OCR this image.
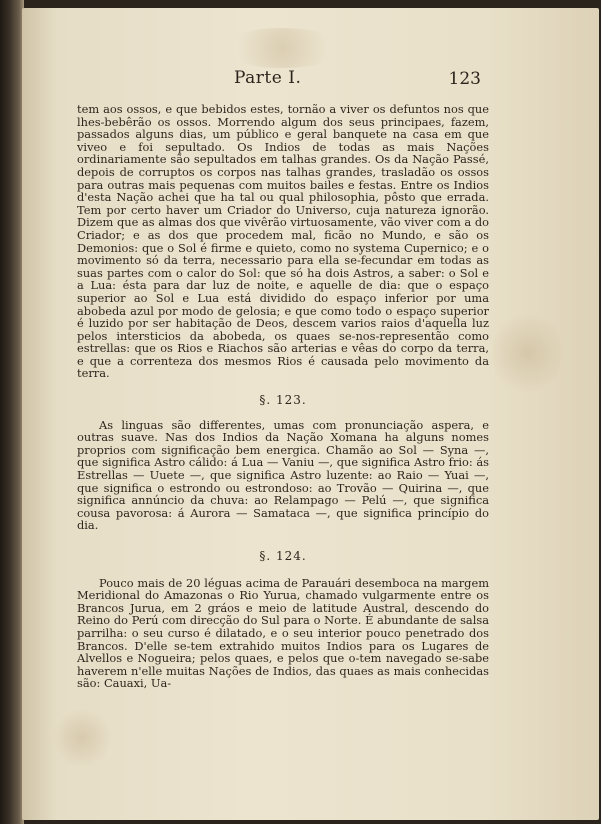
Parte I.	123

tem aos ossos, e que bebidos estes, tornão a viver os defuntos nos que lhes-bebêrão os ossos. Morrendo algum dos seus principaes, fazem, passados alguns dias, um público e geral banquete na casa em que viveo e foi sepultado. Os Indios de todas as mais Nações ordinariamente são sepultados em talhas grandes. Os da Nação Passé, depois de corruptos os corpos nas talhas grandes, trasladão os ossos para outras mais pequenas com muitos bailes e festas. Entre os Indios d'esta Nação achei que ha tal ou qual philosophia, pôsto que errada. Tem por certo haver um Criador do Universo, cuja natureza ignorão. Dizem que as almas dos que vivêrão virtuosamente, vão viver com a do Criador; e as dos que procedem mal, ficão no Mundo, e são os Demonios: que o Sol é firme e quieto, como no systema Cupernico; e o movimento só da terra, necessario para ella se-fecundar em todas as suas partes com o calor do Sol: que só ha dois Astros, a saber: o Sol e a Lua: ésta para dar luz de noite, e aquelle de dia: que o espaço superior ao Sol e Lua está dividido do espaço inferior por uma abobeda azul por modo de gelosia; e que como todo o espaço superior é luzido por ser habitação de Deos, descem varios raios d'aquella luz pelos intersticios da abobeda, os quaes se-nos-representão como estrellas: que os Rios e Riachos são arterias e vêas do corpo da terra, e que a correnteza dos mesmos Rios é causada pelo movimento da terra.

§. 123.

As linguas são differentes, umas com pronunciação aspera, e outras suave. Nas dos Indios da Nação Xomana ha alguns nomes proprios com significação bem energica. Chamão ao Sol — Syna —, que significa Astro cálido: á Lua — Vaniu —, que significa Astro frio: ás Estrellas — Uuete —, que significa Astro luzente: ao Raio — Yuai —, que significa o estrondo ou estrondoso: ao Trovão — Quirina —, que significa annúncio da chuva: ao Relampago — Pelú —, que significa cousa pavorosa: á Aurora — Samataca —, que significa princípio do dia.

§. 124.

Pouco mais de 20 léguas acima de Parauári desemboca na margem Meridional do Amazonas o Rio Yurua, chamado vulgarmente entre os Brancos Jurua, em 2 gráos e meio de latitude Austral, descendo do Reino do Perú com direcção do Sul para o Norte. É abundante de salsa parrilha: o seu curso é dilatado, e o seu interior pouco penetrado dos Brancos. D'elle se-tem extrahido muitos Indios para os Lugares de Alvellos e Nogueira; pelos quaes, e pelos que o-tem navegado se-sabe haverem n'elle muitas Nações de Indios, das quaes as mais conhecidas são: Cauaxi, Ua-
